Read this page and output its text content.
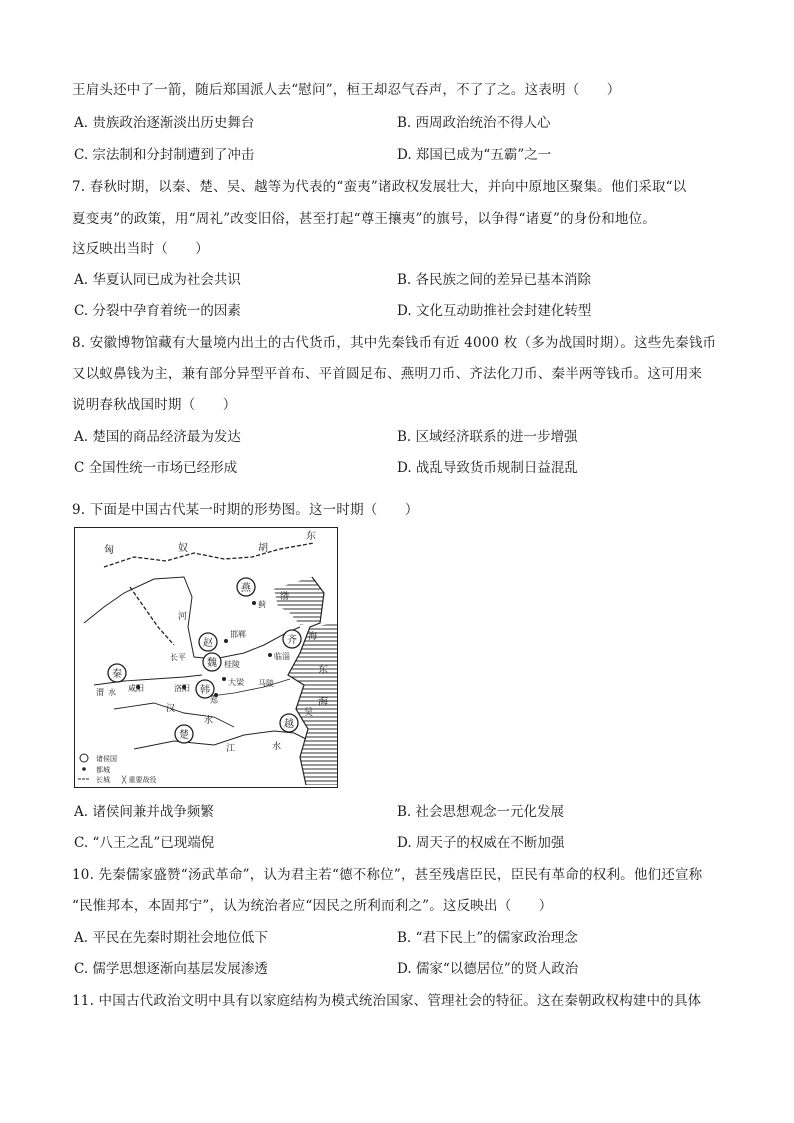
王肩头还中了一箭，随后郑国派人去“慰问”，桓王却忍气吞声，不了了之。这表明（　　）
A. 贵族政治逐渐淡出历史舞台	B. 西周政治统治不得人心
C. 宗法制和分封制遭到了冲击	D. 郑国已成为“五霸”之一
7. 春秋时期，以秦、楚、吴、越等为代表的“蛮夷”诸政权发展壮大，并向中原地区聚集。他们采取“以
夏变夷”的政策，用“周礼”改变旧俗，甚至打起“尊王攘夷”的旗号，以争得“诸夏”的身份和地位。
这反映出当时（　　）
A. 华夏认同已成为社会共识	B. 各民族之间的差异已基本消除
C. 分裂中孕育着统一的因素	D. 文化互动助推社会封建化转型
8. 安徽博物馆藏有大量境内出土的古代货币，其中先秦钱币有近 4000 枚（多为战国时期）。这些先秦钱币
又以蚁鼻钱为主，兼有部分异型平首布、平首圆足布、燕明刀币、齐法化刀币、秦半两等钱币。这可用来
说明春秋战国时期（　　）
A. 楚国的商品经济最为发达	B. 区域经济联系的进一步增强
C 全国性统一市场已经形成	D. 战乱导致货币规制日益混乱
9. 下面是中国古代某一时期的形势图。这一时期（　　）
燕
赵
魏
齐
秦
韩
楚
越
匈	奴
东
胡
蓟
渤
邯郸
河
临淄
海
长平
桂陵
大梁 马陵
渭 水 咸阳	洛阳
郑
东
海
汉
水
江	水
吴
诸侯国
都城
长城 ╳ 重要战役
A. 诸侯间兼并战争频繁	B. 社会思想观念一元化发展
C. “八王之乱”已现端倪	D. 周天子的权威在不断加强
10. 先秦儒家盛赞“汤武革命”，认为君主若“德不称位”，甚至残虐臣民，臣民有革命的权利。他们还宣称
“民惟邦本，本固邦宁”，认为统治者应“因民之所利而利之”。这反映出（　　）
A. 平民在先秦时期社会地位低下	B. “君下民上”的儒家政治理念
C. 儒学思想逐渐向基层发展渗透	D. 儒家“以德居位”的贤人政治
11. 中国古代政治文明中具有以家庭结构为模式统治国家、管理社会的特征。这在秦朝政权构建中的具体
